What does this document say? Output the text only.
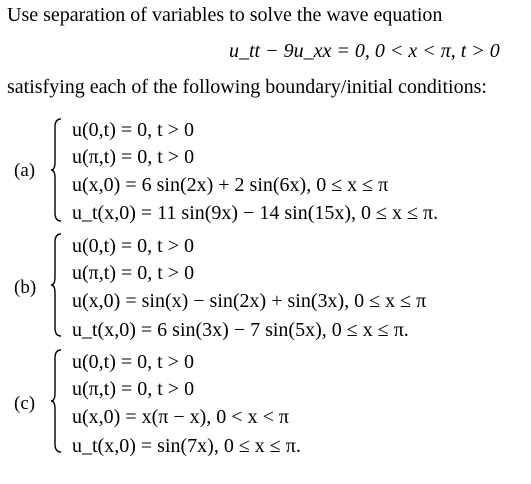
Use separation of variables to solve the wave equation
u_tt − 9u_xx = 0, 0 < x < π, t > 0
satisfying each of the following boundary/initial conditions:
(a)
u(0,t) = 0, t > 0
u(π,t) = 0, t > 0
u(x,0) = 6 sin(2x) + 2 sin(6x), 0 ≤ x ≤ π
u_t(x,0) = 11 sin(9x) − 14 sin(15x), 0 ≤ x ≤ π.
(b)
u(0,t) = 0, t > 0
u(π,t) = 0, t > 0
u(x,0) = sin(x) − sin(2x) + sin(3x), 0 ≤ x ≤ π
u_t(x,0) = 6 sin(3x) − 7 sin(5x), 0 ≤ x ≤ π.
(c)
u(0,t) = 0, t > 0
u(π,t) = 0, t > 0
u(x,0) = x(π − x), 0 < x < π
u_t(x,0) = sin(7x), 0 ≤ x ≤ π.
